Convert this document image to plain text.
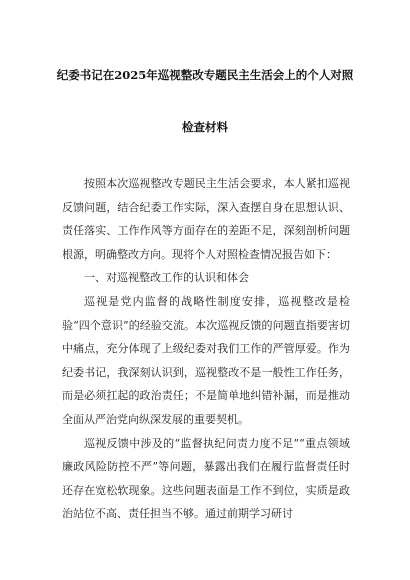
纪委书记在2025年巡视整改专题民主生活会上的个人对照
检查材料

按照本次巡视整改专题民主生活会要求，本人紧扣巡视反馈问题，结合纪委工作实际，深入查摆自身在思想认识、责任落实、工作作风等方面存在的差距不足，深刻剖析问题根源，明确整改方向。现将个人对照检查情况报告如下：

一、对巡视整改工作的认识和体会

巡视是党内监督的战略性制度安排，巡视整改是检验“四个意识”的经验交流。本次巡视反馈的问题直指要害切中痛点，充分体现了上级纪委对我们工作的严管厚爱。作为纪委书记，我深刻认识到，巡视整改不是一般性工作任务，而是必须扛起的政治责任；不是简单地纠错补漏，而是推动全面从严治党向纵深发展的重要契机。

巡视反馈中涉及的“监督执纪问责力度不足”“重点领域廉政风险防控不严”等问题，暴露出我们在履行监督责任时还存在宽松软现象。这些问题表面是工作不到位，实质是政治站位不高、责任担当不够。通过前期学习研讨
